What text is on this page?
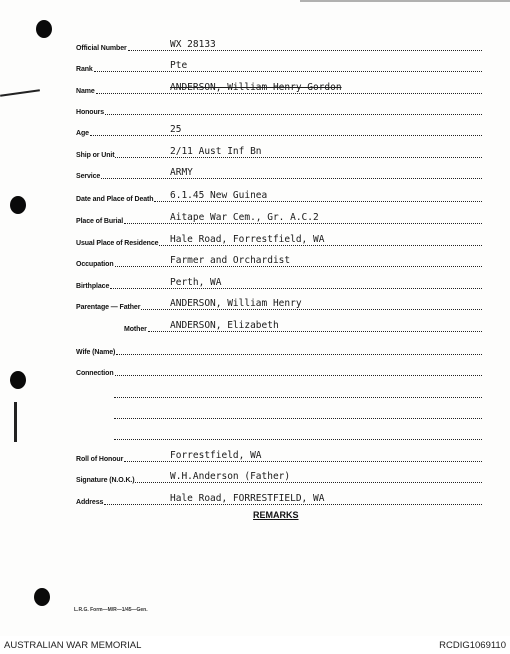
Official Number	WX 28133
Rank	Pte
Name	ANDERSON, William Henry Gordon
Honours
Age	25
Ship or Unit	2/11 Aust Inf Bn
Service	ARMY
Date and Place of Death 6.1.45 New Guinea
Place of Burial	Aitape War Cem., Gr. A.C.2
Usual Place of Residence Hale Road, Forrestfield, WA
Occupation	Farmer and Orchardist
Birthplace	Perth, WA
Parentage — Father	ANDERSON, William Henry
Mother ANDERSON, Elizabeth
Wife (Name)
Connection
Roll of Honour	Forrestfield, WA
Signature (N.O.K.)	W.H.Anderson (Father)
Address	Hale Road, FORRESTFIELD, WA
REMARKS
L.R.G. Form—M/R—1/45—Gen.
AUSTRALIAN WAR MEMORIAL	RCDIG1069110
